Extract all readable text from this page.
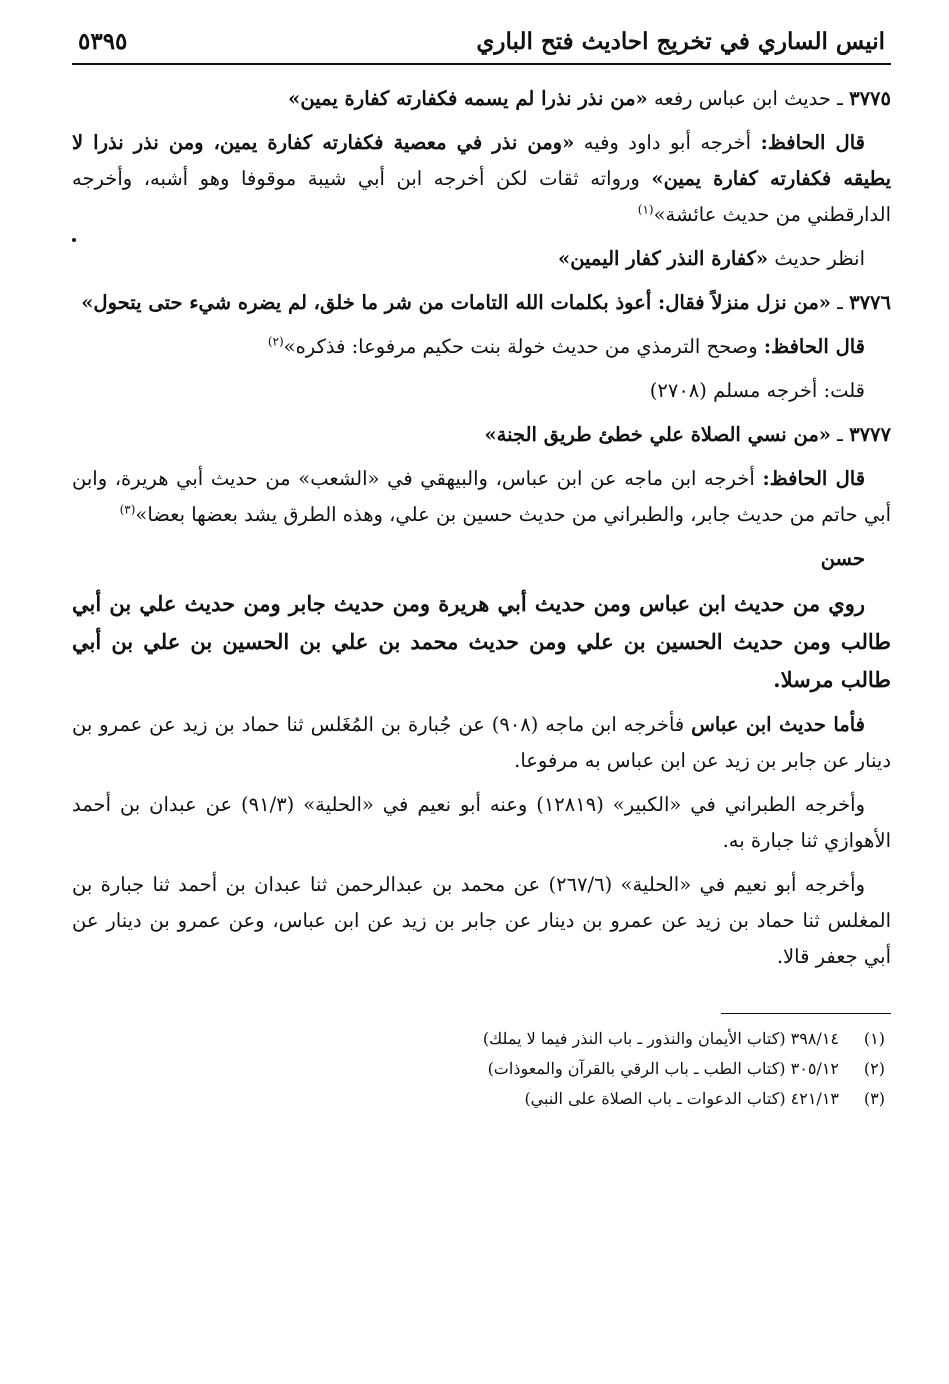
انيس الساري في تخريج احاديث فتح الباري
٥٣٩٥

٣٧٧٥ ـ حديث ابن عباس رفعه «من نذر نذرا لم يسمه فكفارته كفارة يمين»

قال الحافظ: أخرجه أبو داود وفيه «ومن نذر في معصية فكفارته كفارة يمين، ومن نذر نذرا لا يطيقه فكفارته كفارة يمين» ورواته ثقات لكن أخرجه ابن أبي شيبة موقوفا وهو أشبه، وأخرجه الدارقطني من حديث عائشة»$^{(١)}$

انظر حديث «كفارة النذر كفار اليمين»

٣٧٧٦ ـ «من نزل منزلاً فقال: أعوذ بكلمات الله التامات من شر ما خلق، لم يضره شيء حتى يتحول»

قال الحافظ: وصحح الترمذي من حديث خولة بنت حكيم مرفوعا: فذكره»$^{(٢)}$

قلت: أخرجه مسلم (٢٧٠٨)

٣٧٧٧ ـ «من نسي الصلاة علي خطئ طريق الجنة»

قال الحافظ: أخرجه ابن ماجه عن ابن عباس، والبيهقي في «الشعب» من حديث أبي هريرة، وابن أبي حاتم من حديث جابر، والطبراني من حديث حسين بن علي، وهذه الطرق يشد بعضها بعضا»$^{(٣)}$

حسن

روي من حديث ابن عباس ومن حديث أبي هريرة ومن حديث جابر ومن حديث علي بن أبي طالب ومن حديث الحسين بن علي ومن حديث محمد بن علي بن الحسين بن علي بن أبي طالب مرسلا.

فأما حديث ابن عباس فأخرجه ابن ماجه (٩٠٨) عن جُبارة بن المُغَلس ثنا حماد بن زيد عن عمرو بن دينار عن جابر بن زيد عن ابن عباس به مرفوعا.

وأخرجه الطبراني في «الكبير» (١٢٨١٩) وعنه أبو نعيم في «الحلية» (٩١/٣) عن عبدان بن أحمد الأهوازي ثنا جبارة به.

وأخرجه أبو نعيم في «الحلية» (٢٦٧/٦) عن محمد بن عبدالرحمن ثنا عبدان بن أحمد ثنا جبارة بن المغلس ثنا حماد بن زيد عن عمرو بن دينار عن جابر بن زيد عن ابن عباس، وعن عمرو بن دينار عن أبي جعفر قالا.

(١)
٣٩٨/١٤ (كتاب الأيمان والنذور ـ باب النذر فيما لا يملك)
(٢)
٣٠٥/١٢ (كتاب الطب ـ باب الرقي بالقرآن والمعوذات)
(٣)
٤٢١/١٣ (كتاب الدعوات ـ باب الصلاة على النبي)
